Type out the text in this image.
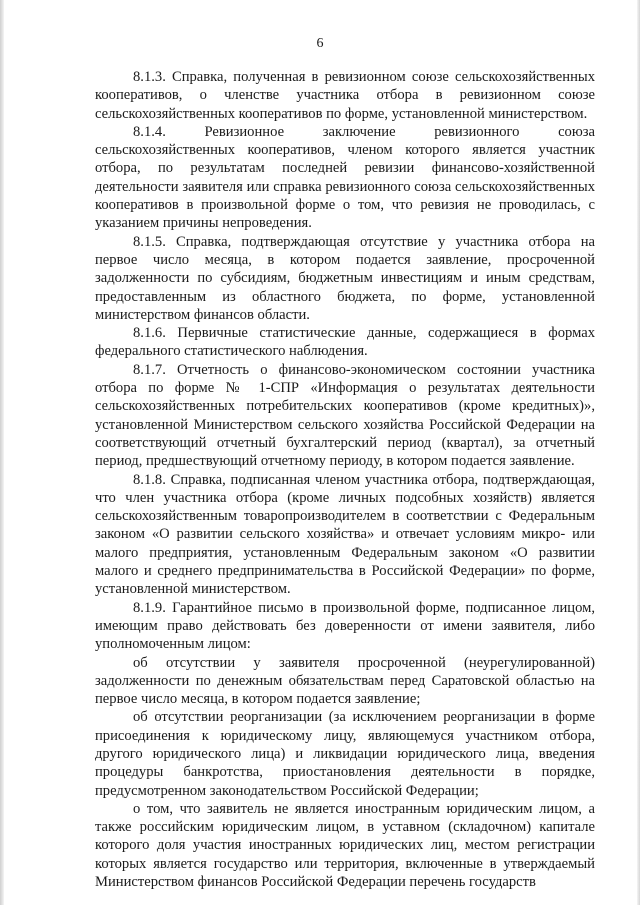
6

8.1.3. Справка, полученная в ревизионном союзе сельскохозяйственных кооперативов, о членстве участника отбора в ревизионном союзе сельскохозяйственных кооперативов по форме, установленной министерством.

8.1.4. Ревизионное заключение ревизионного союза сельскохозяйственных кооперативов, членом которого является участник отбора, по результатам последней ревизии финансово-хозяйственной деятельности заявителя или справка ревизионного союза сельскохозяйственных кооперативов в произвольной форме о том, что ревизия не проводилась, с указанием причины непроведения.

8.1.5. Справка, подтверждающая отсутствие у участника отбора на первое число месяца, в котором подается заявление, просроченной задолженности по субсидиям, бюджетным инвестициям и иным средствам, предоставленным из областного бюджета, по форме, установленной министерством финансов области.

8.1.6. Первичные статистические данные, содержащиеся в формах федерального статистического наблюдения.

8.1.7. Отчетность о финансово-экономическом состоянии участника отбора по форме № 1-СПР «Информация о результатах деятельности сельскохозяйственных потребительских кооперативов (кроме кредитных)», установленной Министерством сельского хозяйства Российской Федерации на соответствующий отчетный бухгалтерский период (квартал), за отчетный период, предшествующий отчетному периоду, в котором подается заявление.

8.1.8. Справка, подписанная членом участника отбора, подтверждающая, что член участника отбора (кроме личных подсобных хозяйств) является сельскохозяйственным товаропроизводителем в соответствии с Федеральным законом «О развитии сельского хозяйства» и отвечает условиям микро- или малого предприятия, установленным Федеральным законом «О развитии малого и среднего предпринимательства в Российской Федерации» по форме, установленной министерством.

8.1.9. Гарантийное письмо в произвольной форме, подписанное лицом, имеющим право действовать без доверенности от имени заявителя, либо уполномоченным лицом:

об отсутствии у заявителя просроченной (неурегулированной) задолженности по денежным обязательствам перед Саратовской областью на первое число месяца, в котором подается заявление;

об отсутствии реорганизации (за исключением реорганизации в форме присоединения к юридическому лицу, являющемуся участником отбора, другого юридического лица) и ликвидации юридического лица, введения процедуры банкротства, приостановления деятельности в порядке, предусмотренном законодательством Российской Федерации;

о том, что заявитель не является иностранным юридическим лицом, а также российским юридическим лицом, в уставном (складочном) капитале которого доля участия иностранных юридических лиц, местом регистрации которых является государство или территория, включенные в утверждаемый Министерством финансов Российской Федерации перечень государств
